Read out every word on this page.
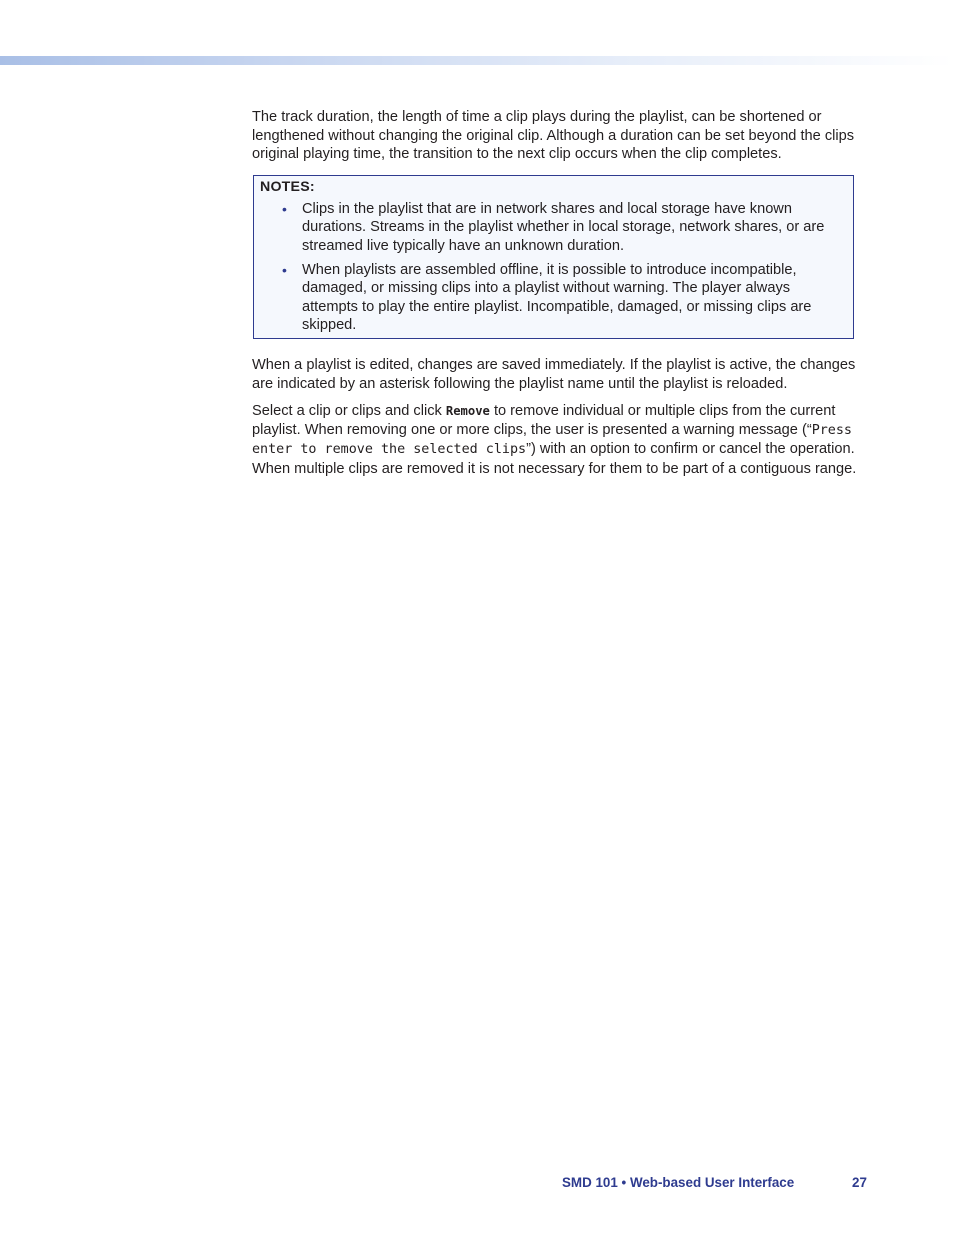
The track duration, the length of time a clip plays during the playlist, can be shortened or lengthened without changing the original clip. Although a duration can be set beyond the clips original playing time, the transition to the next clip occurs when the clip completes.

NOTES:
• Clips in the playlist that are in network shares and local storage have known durations. Streams in the playlist whether in local storage, network shares, or are streamed live typically have an unknown duration.
• When playlists are assembled offline, it is possible to introduce incompatible, damaged, or missing clips into a playlist without warning. The player always attempts to play the entire playlist. Incompatible, damaged, or missing clips are skipped.

When a playlist is edited, changes are saved immediately. If the playlist is active, the changes are indicated by an asterisk following the playlist name until the playlist is reloaded.

Select a clip or clips and click Remove to remove individual or multiple clips from the current playlist. When removing one or more clips, the user is presented a warning message (“Press enter to remove the selected clips”) with an option to confirm or cancel the operation. When multiple clips are removed it is not necessary for them to be part of a contiguous range.

SMD 101 • Web-based User Interface	27
